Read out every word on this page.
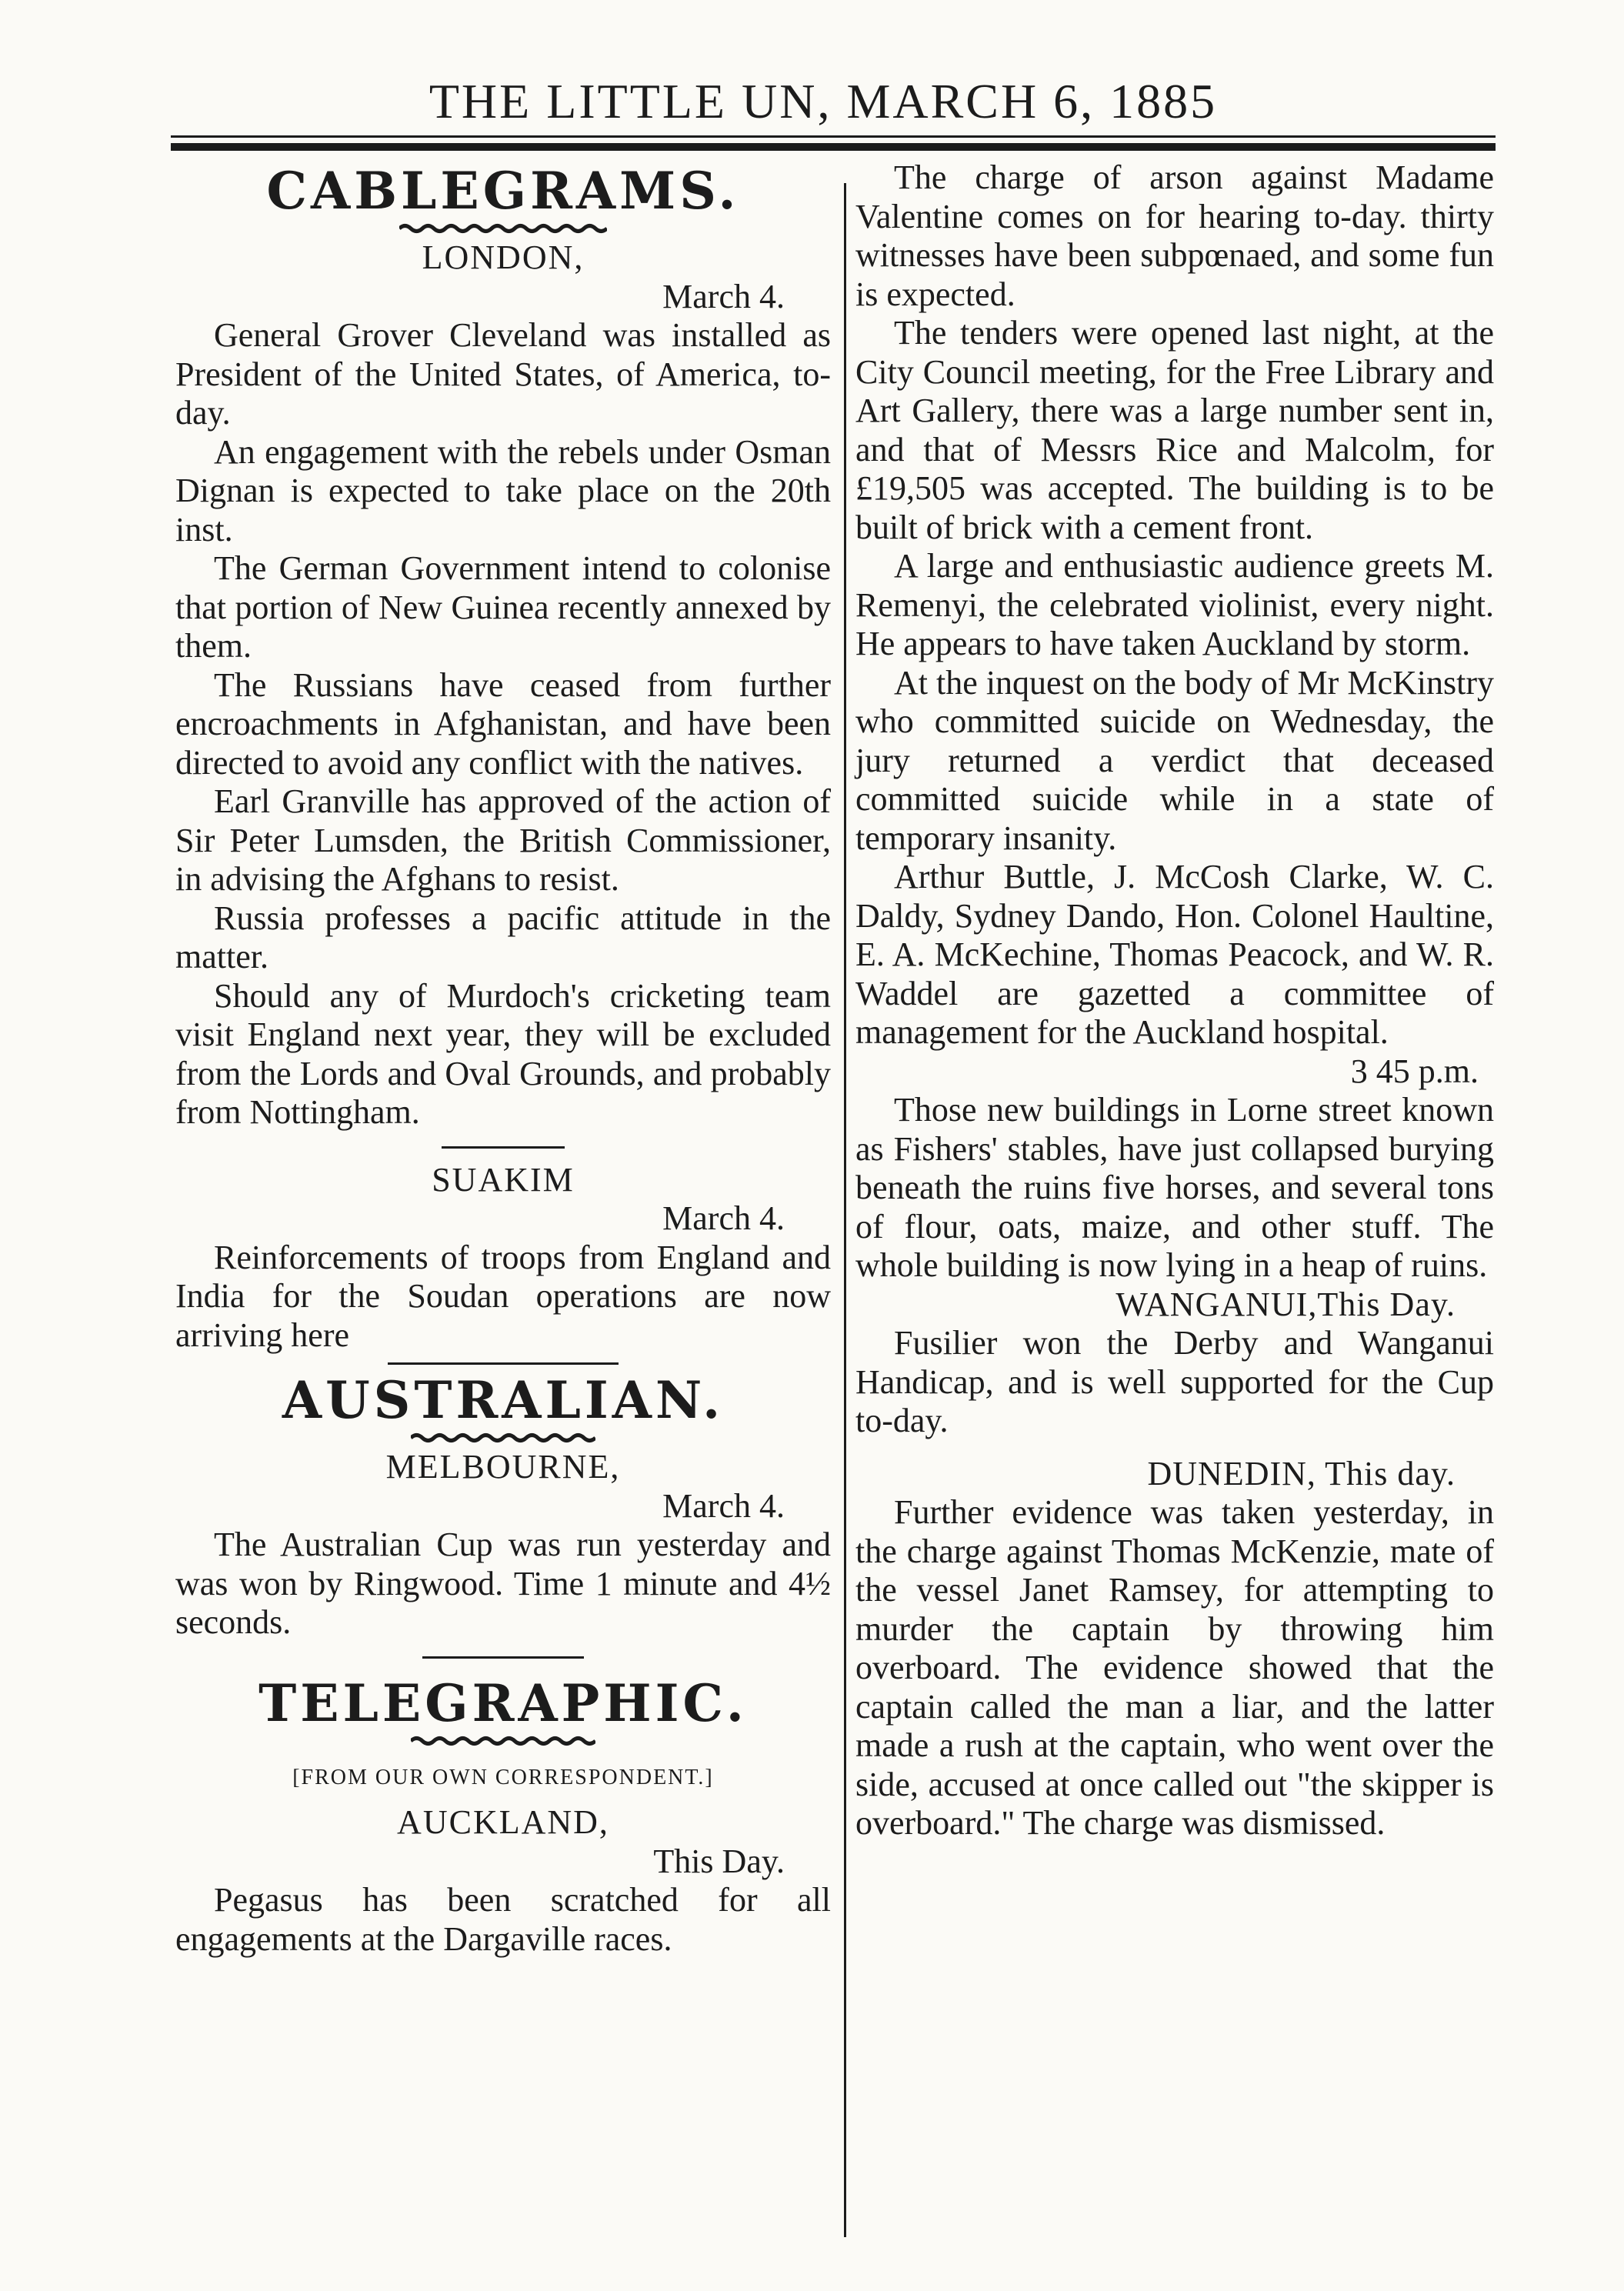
THE LITTLE UN, MARCH 6, 1885
CABLEGRAMS.
LONDON,
March 4.

General Grover Cleveland was installed as President of the United States, of America, to-day.

An engagement with the rebels under Osman Dignan is expected to take place on the 20th inst.

The German Government intend to colonise that portion of New Guinea recently annexed by them.

The Russians have ceased from further encroachments in Afghanistan, and have been directed to avoid any conflict with the natives.

Earl Granville has approved of the action of Sir Peter Lumsden, the British Commissioner, in advising the Afghans to resist.

Russia professes a pacific attitude in the matter.

Should any of Murdoch's cricketing team visit England next year, they will be excluded from the Lords and Oval Grounds, and probably from Nottingham.

SUAKIM
March 4.

Reinforcements of troops from England and India for the Soudan operations are now arriving here

AUSTRALIAN.
MELBOURNE,
March 4.

The Australian Cup was run yesterday and was won by Ringwood. Time 1 minute and 4½ seconds.

TELEGRAPHIC.
[FROM OUR OWN CORRESPONDENT.]
AUCKLAND,
This Day.

Pegasus has been scratched for all engagements at the Dargaville races.

The charge of arson against Madame Valentine comes on for hearing to-day. thirty witnesses have been subpœnaed, and some fun is expected.

The tenders were opened last night, at the City Council meeting, for the Free Library and Art Gallery, there was a large number sent in, and that of Messrs Rice and Malcolm, for £19,505 was accepted. The building is to be built of brick with a cement front.

A large and enthusiastic audience greets M. Remenyi, the celebrated violinist, every night. He appears to have taken Auckland by storm.

At the inquest on the body of Mr McKinstry who committed suicide on Wednesday, the jury returned a verdict that deceased committed suicide while in a state of temporary insanity.

Arthur Buttle, J. McCosh Clarke, W. C. Daldy, Sydney Dando, Hon. Colonel Haultine, E. A. McKechine, Thomas Peacock, and W. R. Waddel are gazetted a committee of management for the Auckland hospital.

3 45 p.m.

Those new buildings in Lorne street known as Fishers' stables, have just collapsed burying beneath the ruins five horses, and several tons of flour, oats, maize, and other stuff. The whole building is now lying in a heap of ruins.

WANGANUI,This Day.

Fusilier won the Derby and Wanganui Handicap, and is well supported for the Cup to-day.

DUNEDIN, This day.

Further evidence was taken yesterday, in the charge against Thomas McKenzie, mate of the vessel Janet Ramsey, for attempting to murder the captain by throwing him overboard. The evidence showed that the captain called the man a liar, and the latter made a rush at the captain, who went over the side, accused at once called out "the skipper is overboard." The charge was dismissed.
